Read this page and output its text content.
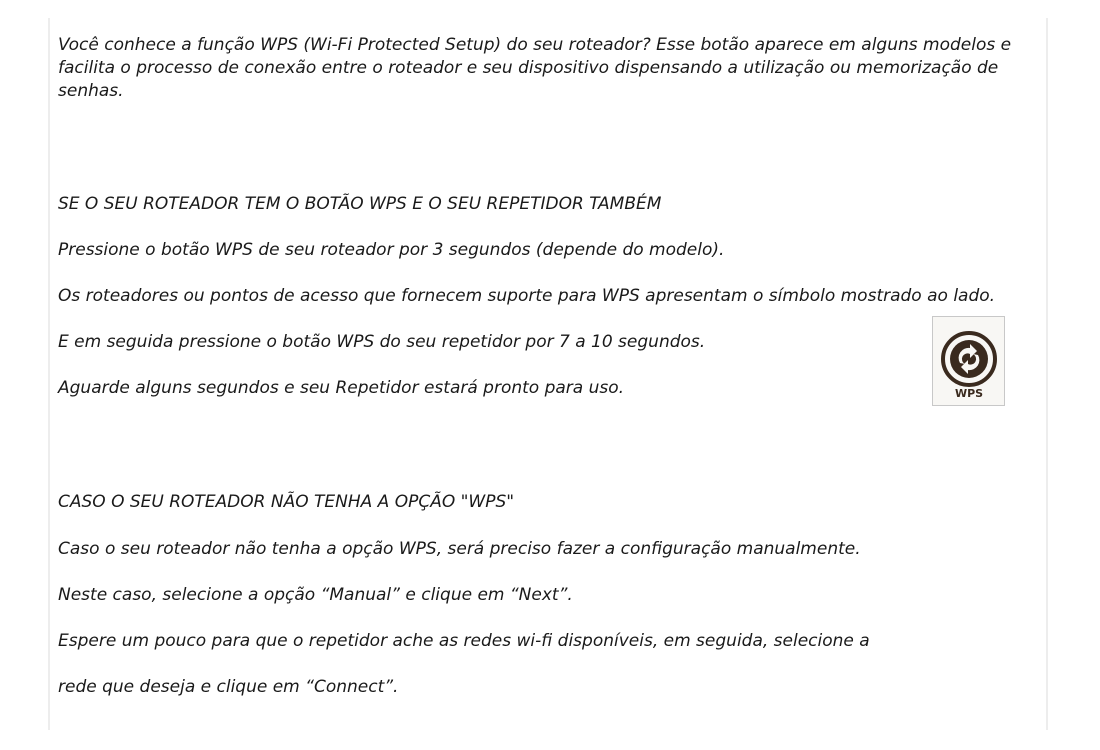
Você conhece a função WPS (Wi-Fi Protected Setup) do seu roteador? Esse botão aparece em alguns modelos e facilita o processo de conexão entre o roteador e seu dispositivo dispensando a utilização ou memorização de senhas.

SE O SEU ROTEADOR TEM O BOTÃO WPS E O SEU REPETIDOR TAMBÉM

Pressione o botão WPS de seu roteador por 3 segundos (depende do modelo).

Os roteadores ou pontos de acesso que fornecem suporte para WPS apresentam o símbolo mostrado ao lado.

E em seguida pressione o botão WPS do seu repetidor por 7 a 10 segundos.

Aguarde alguns segundos e seu Repetidor estará pronto para uso.	WPS

CASO O SEU ROTEADOR NÃO TENHA A OPÇÃO "WPS"

Caso o seu roteador não tenha a opção WPS, será preciso fazer a configuração manualmente.

Neste caso, selecione a opção “Manual” e clique em “Next”.

Espere um pouco para que o repetidor ache as redes wi-fi disponíveis, em seguida, selecione a

rede que deseja e clique em “Connect”.
